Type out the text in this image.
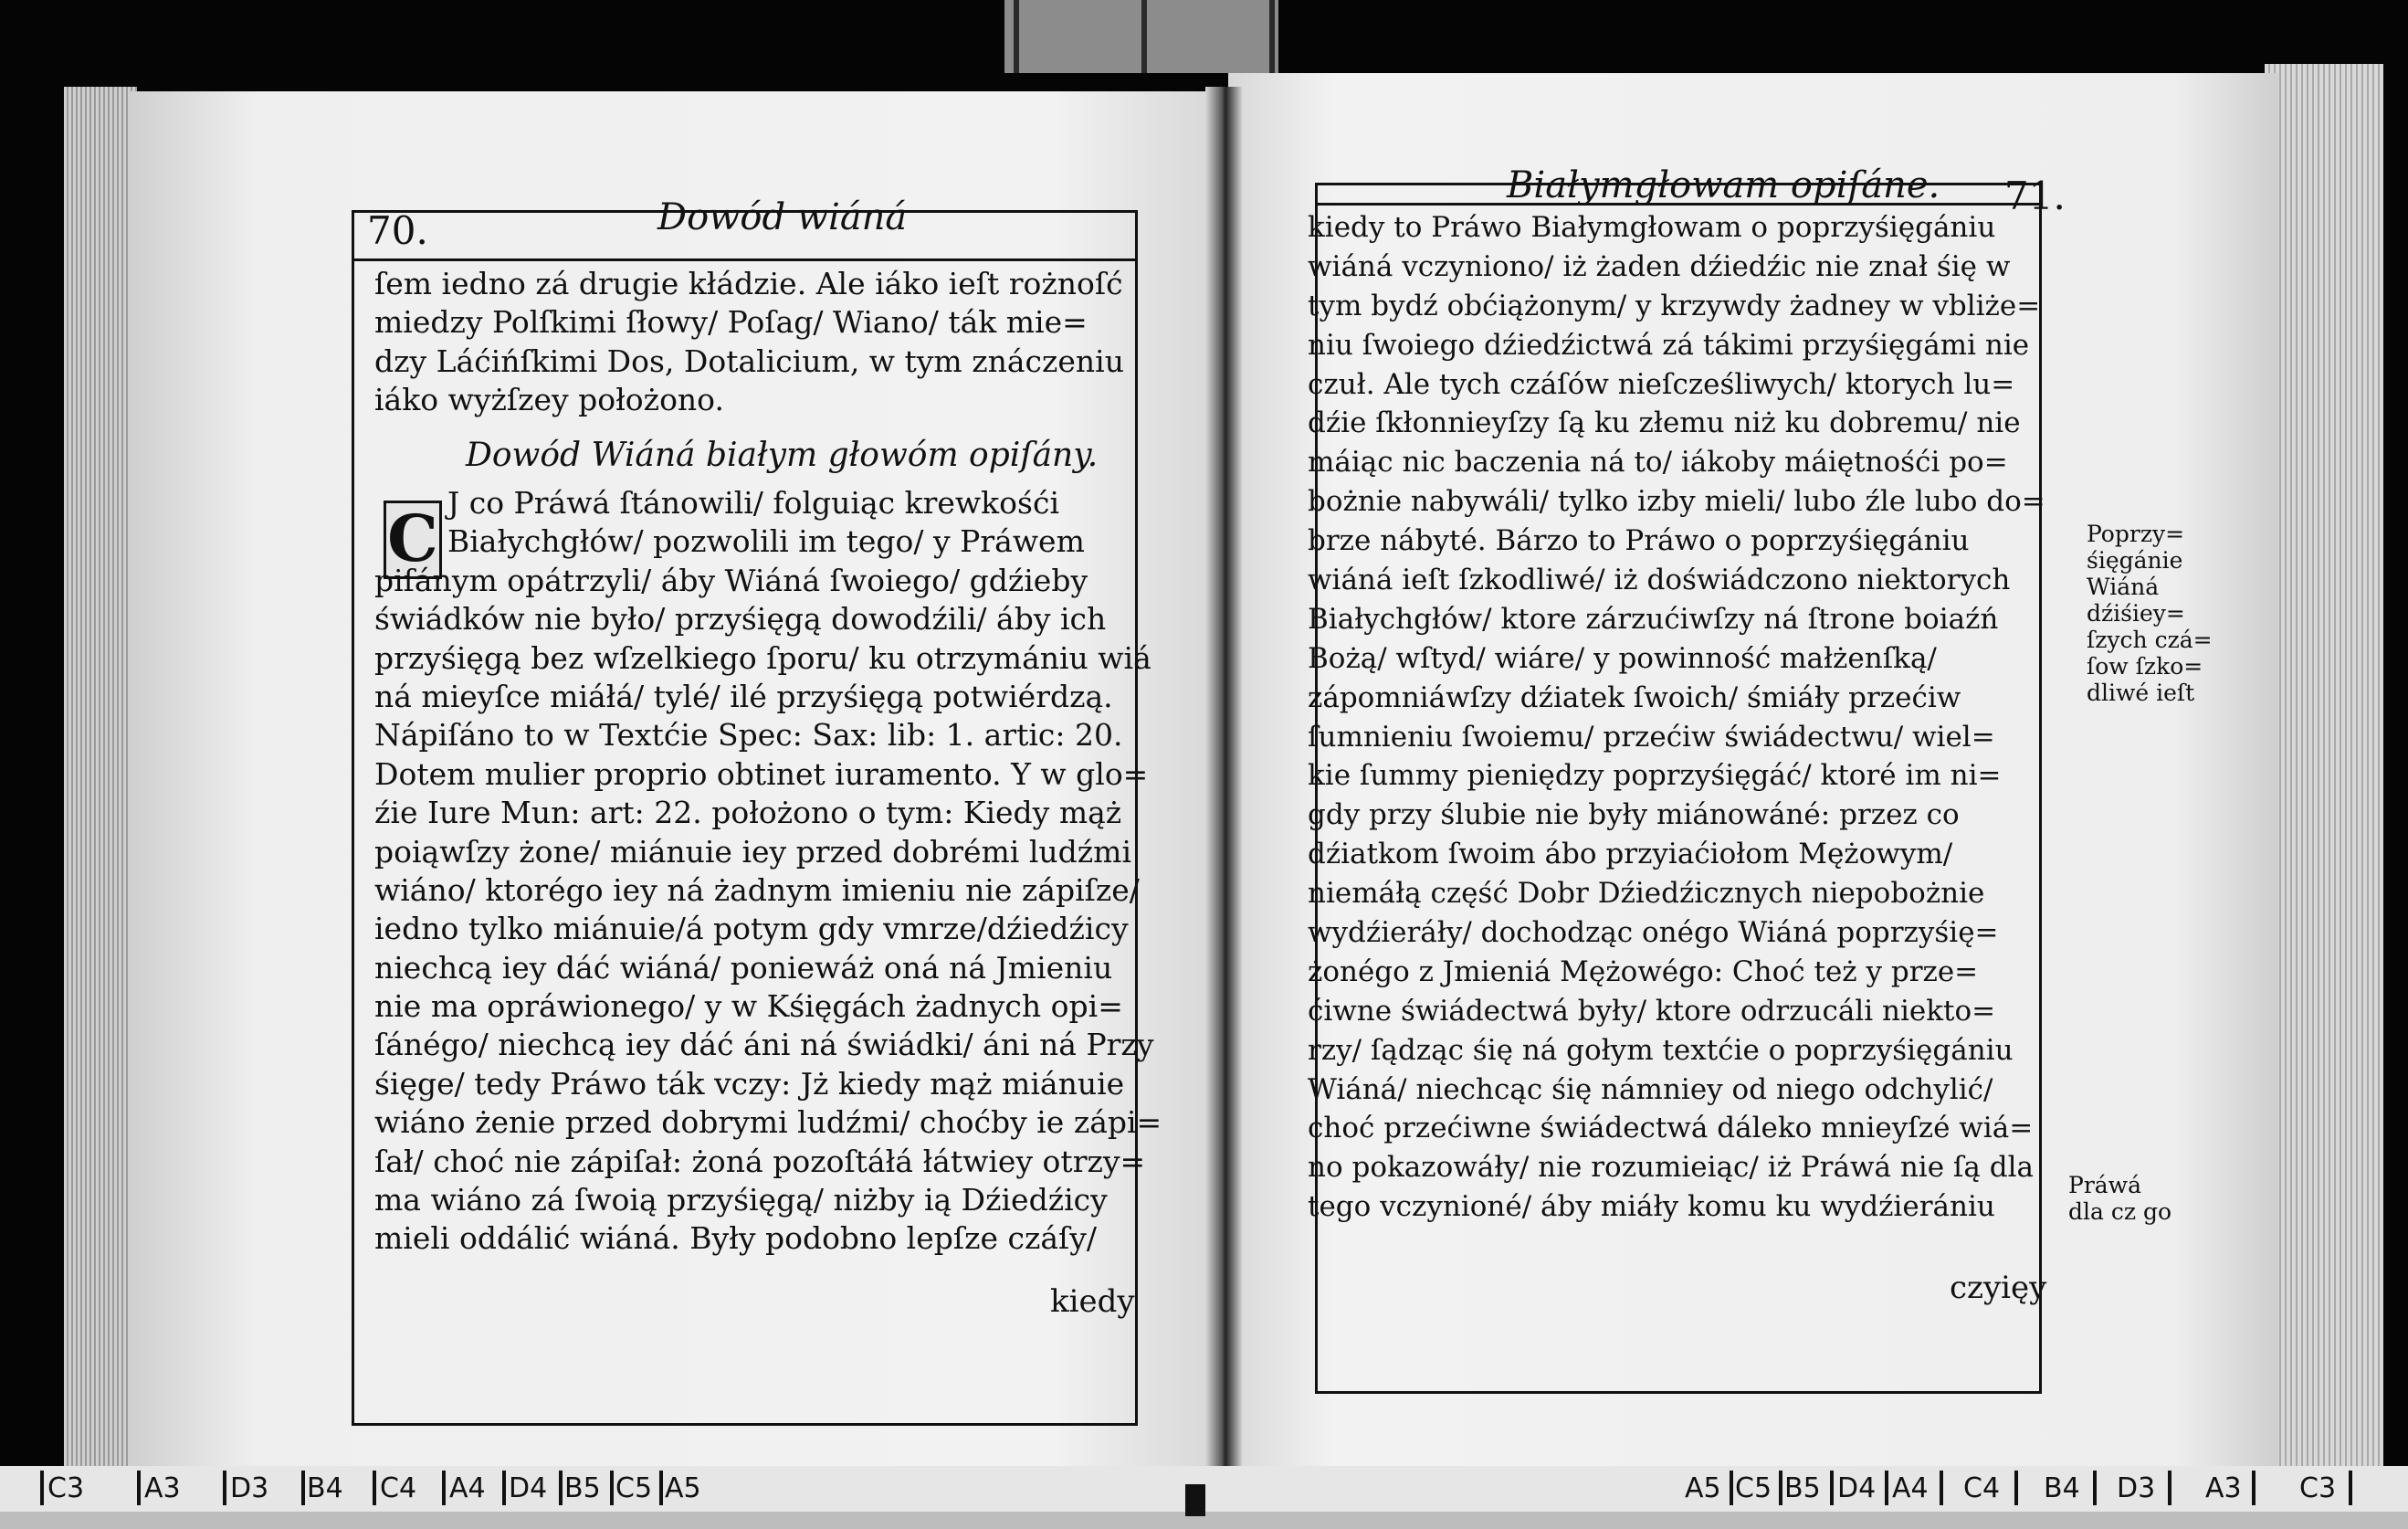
70.	Dowód wiáná
ſem iedno zá drugie kłádzie. Ale iáko ieſt rożnoſć
miedzy Polſkimi ſłowy/ Poſag/ Wiano/ ták mie=
dzy Láćińſkimi Dos, Dotalicium, w tym znáczeniu
iáko wyżſzey położono.
Dowód Wiáná białym głowóm opiſány.
C J co Práwá ſtánowili/ folguiąc krewkośći
Białychgłów/ pozwolili im tego/ y Práwem
piſánym opátrzyli/ áby Wiáná ſwoiego/ gdźieby
świádków nie było/ przyśięgą dowodźili/ áby ich
przyśięgą bez wſzelkiego ſporu/ ku otrzymániu wiá
ná mieyſce miáłá/ tylé/ ilé przyśięgą potwiérdzą.
Nápiſáno to w Textćie Spec: Sax: lib: 1. artic: 20.
Dotem mulier proprio obtinet iuramento. Y w glo=
źie Iure Mun: art: 22. położono o tym: Kiedy mąż
poiąwſzy żone/ miánuie iey przed dobrémi ludźmi
wiáno/ ktorégo iey ná żadnym imieniu nie zápiſze/
iedno tylko miánuie/á potym gdy vmrze/dźiedźicy
niechcą iey dáć wiáná/ poniewáż oná ná Jmieniu
nie ma opráwionego/ y w Kśięgách żadnych opi=
ſánégo/ niechcą iey dáć áni ná świádki/ áni ná Przy
śięge/ tedy Práwo ták vczy: Jż kiedy mąż miánuie
wiáno żenie przed dobrymi ludźmi/ choćby ie zápi=
ſał/ choć nie zápiſał: żoná pozoſtáłá łátwiey otrzy=
ma wiáno zá ſwoią przyśięgą/ niżby ią Dźiedźicy
mieli oddálić wiáná. Były podobno lepſze czáſy/
kiedy
Białymgłowam opiſáne. 71.
kiedy to Práwo Białymgłowam o poprzyśięgániu
wiáná vczyniono/ iż żaden dźiedźic nie znał śię w
tym bydź obćiążonym/ y krzywdy żadney w vbliże=
niu ſwoiego dźiedźictwá zá tákimi przyśięgámi nie
czuł. Ale tych czáſów nieſcześliwych/ ktorych lu=
dźie ſkłonnieyſzy ſą ku złemu niż ku dobremu/ nie
máiąc nic baczenia ná to/ iákoby máiętnośći po=
bożnie nabywáli/ tylko izby mieli/ lubo źle lubo do=
brze nábyté. Bárzo to Práwo o poprzyśięgániu
wiáná ieſt ſzkodliwé/ iż doświádczono niektorych
Białychgłów/ ktore zárzućiwſzy ná ſtrone boiaźń
Bożą/ wſtyd/ wiáre/ y powinność małżenſką/
zápomniáwſzy dźiatek ſwoich/ śmiáły przećiw
ſumnieniu ſwoiemu/ przećiw świádectwu/ wiel=
kie ſummy pieniędzy poprzyśięgáć/ ktoré im ni=
gdy przy ślubie nie były miánowáné: przez co
dźiatkom ſwoim ábo przyiaćiołom Mężowym/
niemáłą część Dobr Dźiedźicznych niepobożnie
wydźieráły/ dochodząc onégo Wiáná poprzyśię=
żonégo z Jmieniá Mężowégo: Choć też y prze=
ćiwne świádectwá były/ ktore odrzucáli niekto=
rzy/ ſądząc śię ná gołym textćie o poprzyśięgániu
Wiáná/ niechcąc śię námniey od niego odchylić/
choć przećiwne świádectwá dáleko mnieyſzé wiá=
no pokazowáły/ nie rozumieiąc/ iż Práwá nie ſą dla
tego vczynioné/ áby miáły komu ku wydźierániu
czyięy
Poprzy=
śięgánie
Wiáná
dźiśiey=
ſzych czá=
ſow ſzko=
dliwé ieſt
Práwá
dla cz go
C3 A3 D3 B4 C4 A4 D4 B5 C5 A5	A5 C5 B5 D4 A4 C4 B4 D3 A3 C3
